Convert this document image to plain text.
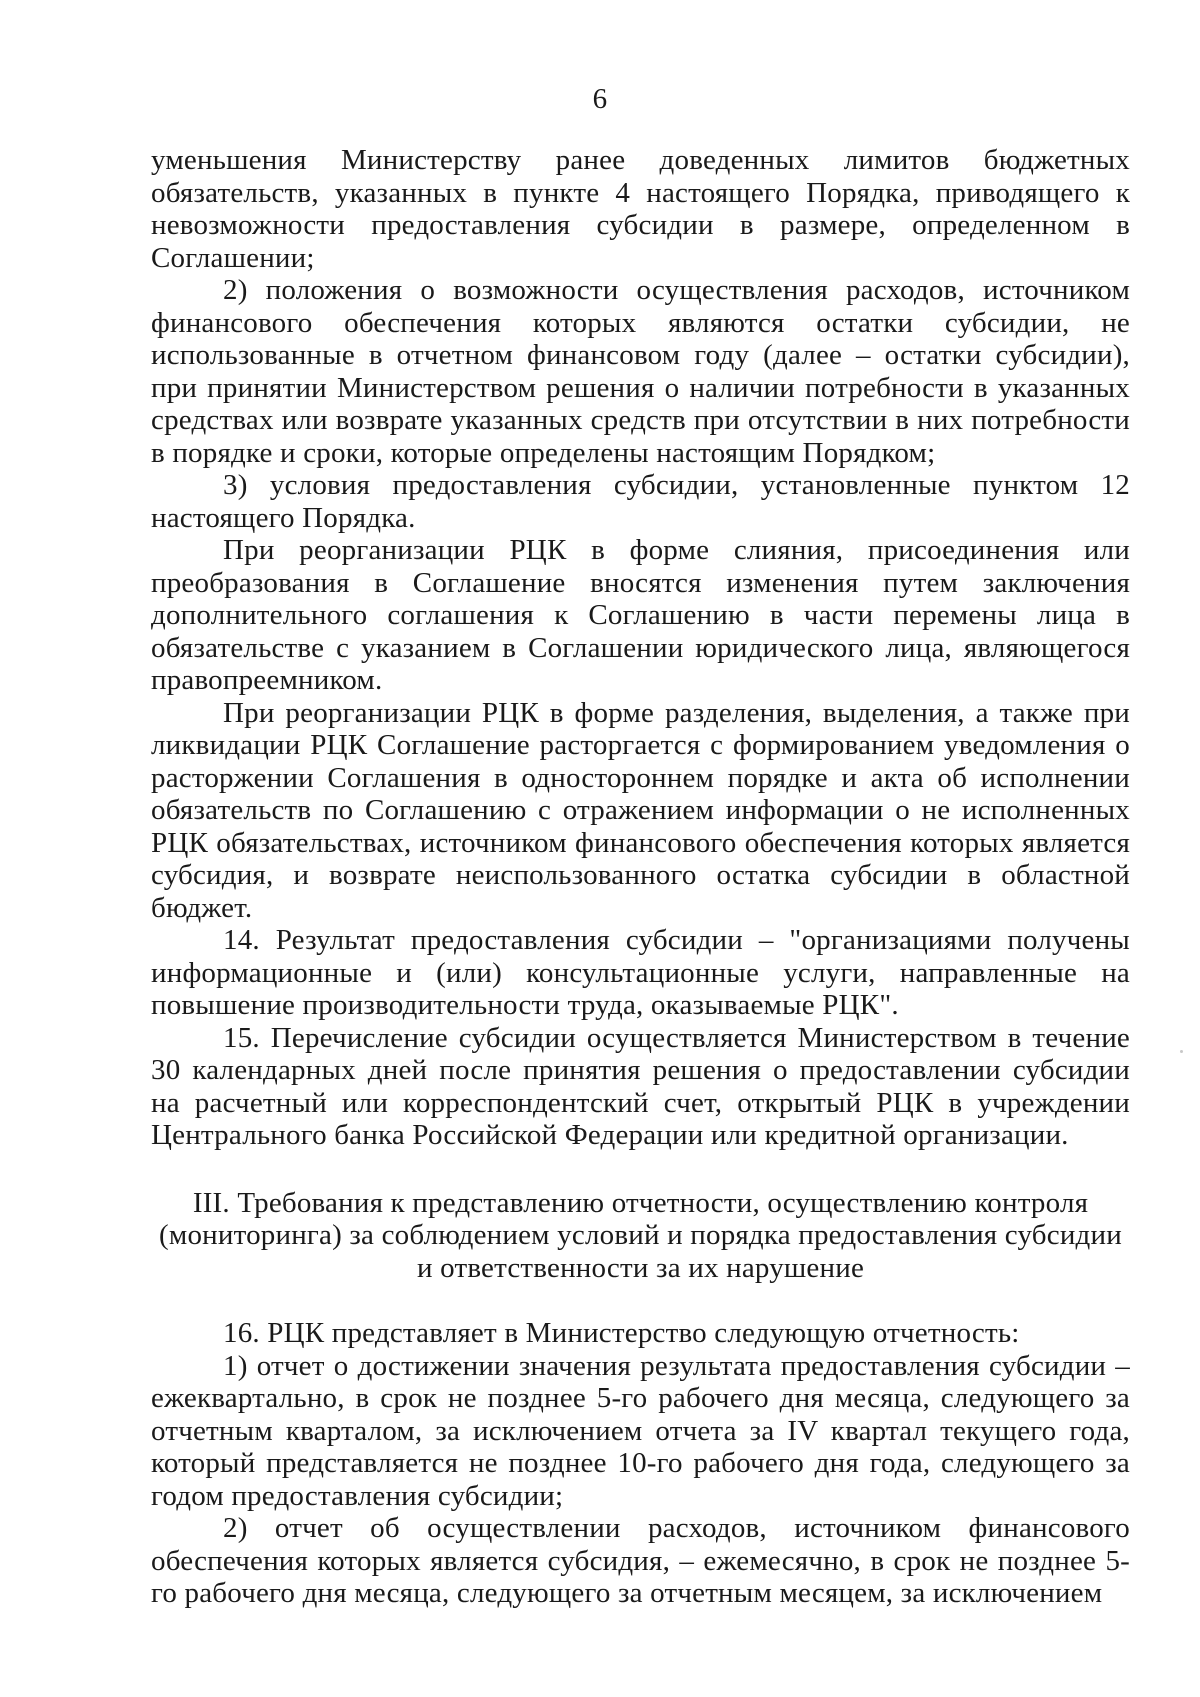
6

уменьшения Министерству ранее доведенных лимитов бюджетных обязательств, указанных в пункте 4 настоящего Порядка, приводящего к невозможности предоставления субсидии в размере, определенном в Соглашении;

2) положения о возможности осуществления расходов, источником финансового обеспечения которых являются остатки субсидии, не использованные в отчетном финансовом году (далее – остатки субсидии), при принятии Министерством решения о наличии потребности в указанных средствах или возврате указанных средств при отсутствии в них потребности в порядке и сроки, которые определены настоящим Порядком;

3) условия предоставления субсидии, установленные пунктом 12 настоящего Порядка.

При реорганизации РЦК в форме слияния, присоединения или преобразования в Соглашение вносятся изменения путем заключения дополнительного соглашения к Соглашению в части перемены лица в обязательстве с указанием в Соглашении юридического лица, являющегося правопреемником.

При реорганизации РЦК в форме разделения, выделения, а также при ликвидации РЦК Соглашение расторгается с формированием уведомления о расторжении Соглашения в одностороннем порядке и акта об исполнении обязательств по Соглашению с отражением информации о не исполненных РЦК обязательствах, источником финансового обеспечения которых является субсидия, и возврате неиспользованного остатка субсидии в областной бюджет.

14. Результат предоставления субсидии – "организациями получены информационные и (или) консультационные услуги, направленные на повышение производительности труда, оказываемые РЦК".

15. Перечисление субсидии осуществляется Министерством в течение 30 календарных дней после принятия решения о предоставлении субсидии на расчетный или корреспондентский счет, открытый РЦК в учреждении Центрального банка Российской Федерации или кредитной организации.

III. Требования к представлению отчетности, осуществлению контроля
(мониторинга) за соблюдением условий и порядка предоставления субсидии
и ответственности за их нарушение

16. РЦК представляет в Министерство следующую отчетность:

1) отчет о достижении значения результата предоставления субсидии – ежеквартально, в срок не позднее 5-го рабочего дня месяца, следующего за отчетным кварталом, за исключением отчета за IV квартал текущего года, который представляется не позднее 10-го рабочего дня года, следующего за годом предоставления субсидии;

2) отчет об осуществлении расходов, источником финансового обеспечения которых является субсидия, – ежемесячно, в срок не позднее 5-го рабочего дня месяца, следующего за отчетным месяцем, за исключением
